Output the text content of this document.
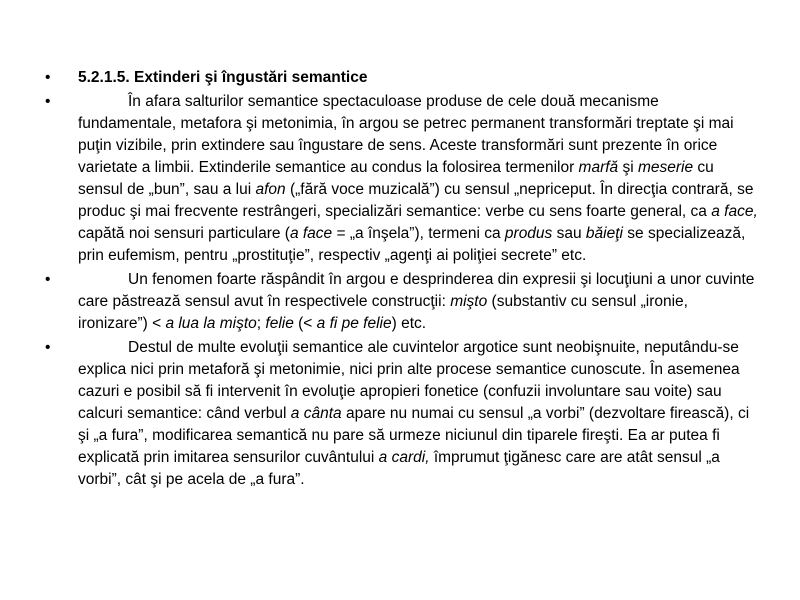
•	5.2.1.5. Extinderi şi îngustări semantice
•	În afara salturilor semantice spectaculoase produse de cele două mecanisme fundamentale, metafora şi metonimia, în argou se petrec permanent transformări treptate şi mai puţin vizibile, prin extindere sau îngustare de sens. Aceste transformări sunt prezente în orice varietate a limbii. Extinderile semantice au condus la folosirea termenilor marfă şi meserie cu sensul de „bun”, sau a lui afon („fără voce muzicală”) cu sensul „nepriceput. În direcţia contrară, se produc şi mai frecvente restrângeri, specializări semantice: verbe cu sens foarte general, ca a face, capătă noi sensuri particulare (a face = „a înşela”), termeni ca produs sau băieţi se specializează, prin eufemism, pentru „prostituţie”, respectiv „agenţi ai poliţiei secrete” etc.
•	Un fenomen foarte răspândit în argou e desprinderea din expresii şi locuţiuni a unor cuvinte care păstrează sensul avut în respectivele construcţii: mişto (substantiv cu sensul „ironie, ironizare”) < a lua la mişto; felie (< a fi pe felie) etc.
•	Destul de multe evoluţii semantice ale cuvintelor argotice sunt neobişnuite, neputându-se explica nici prin metaforă şi metonimie, nici prin alte procese semantice cunoscute. În asemenea cazuri e posibil să fi intervenit în evoluţie apropieri fonetice (confuzii involuntare sau voite) sau calcuri semantice: când verbul a cânta apare nu numai cu sensul „a vorbi” (dezvoltare firească), ci şi „a fura”, modificarea semantică nu pare să urmeze niciunul din tiparele fireşti. Ea ar putea fi explicată prin imitarea sensurilor cuvântului a cardi, împrumut ţigănesc care are atât sensul „a vorbi”, cât şi pe acela de „a fura”.
